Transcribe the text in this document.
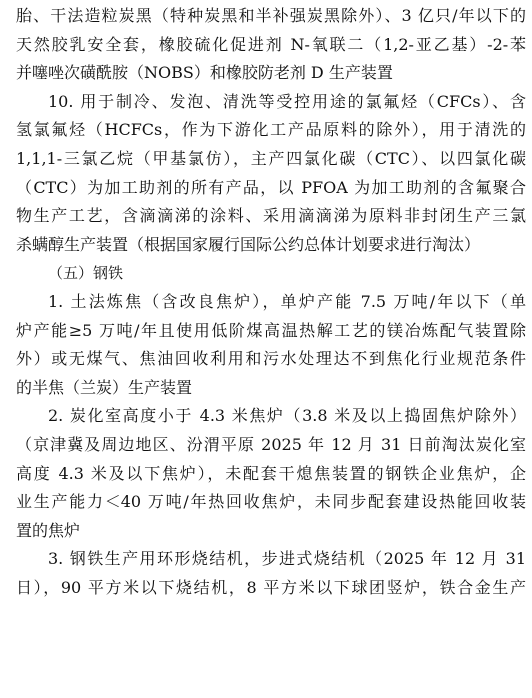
胎、干法造粒炭黑（特种炭黑和半补强炭黑除外）、3 亿只/年以下的
天然胶乳安全套，橡胶硫化促进剂 N-氧联二（1,2-亚乙基）-2-苯
并噻唑次磺酰胺（NOBS）和橡胶防老剂 D 生产装置
10. 用于制冷、发泡、清洗等受控用途的氯氟烃（CFCs）、含
氢氯氟烃（HCFCs，作为下游化工产品原料的除外），用于清洗的
1,1,1-三氯乙烷（甲基氯仿），主产四氯化碳（CTC）、以四氯化碳
（CTC）为加工助剂的所有产品，以 PFOA 为加工助剂的含氟聚合
物生产工艺，含滴滴涕的涂料、采用滴滴涕为原料非封闭生产三氯
杀螨醇生产装置（根据国家履行国际公约总体计划要求进行淘汰）
（五）钢铁
1. 土法炼焦（含改良焦炉），单炉产能 7.5 万吨/年以下（单
炉产能≥5 万吨/年且使用低阶煤高温热解工艺的镁冶炼配气装置除
外）或无煤气、焦油回收利用和污水处理达不到焦化行业规范条件
的半焦（兰炭）生产装置
2. 炭化室高度小于 4.3 米焦炉（3.8 米及以上捣固焦炉除外）
（京津冀及周边地区、汾渭平原 2025 年 12 月 31 日前淘汰炭化室
高度 4.3 米及以下焦炉），未配套干熄焦装置的钢铁企业焦炉，企
业生产能力＜40 万吨/年热回收焦炉，未同步配套建设热能回收装
置的焦炉
3. 钢铁生产用环形烧结机，步进式烧结机（2025 年 12 月 31
日），90 平方米以下烧结机，8 平方米以下球团竖炉，铁合金生产
